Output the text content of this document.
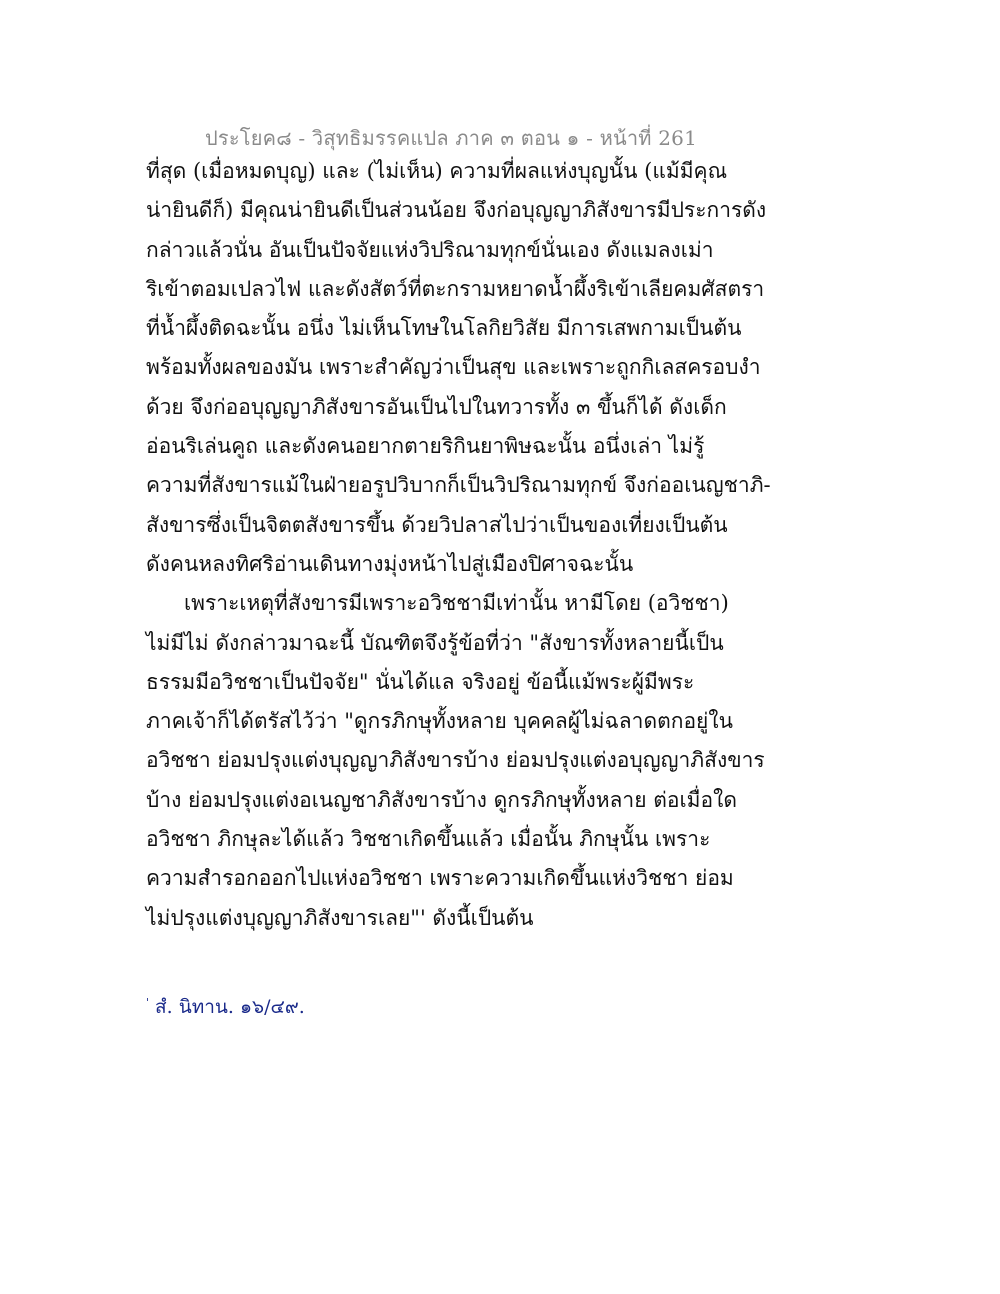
ประโยค๘ - วิสุทธิมรรคแปล ภาค ๓ ตอน ๑ - หน้าที่ 261
ที่สุด (เมื่อหมดบุญ) และ (ไม่เห็น) ความที่ผลแห่งบุญนั้น (แม้มีคุณ
น่ายินดีก็) มีคุณน่ายินดีเป็นส่วนน้อย จึงก่อบุญญาภิสังขารมีประการดัง
กล่าวแล้วนั่น อันเป็นปัจจัยแห่งวิปริณามทุกข์นั่นเอง ดังแมลงเม่า
ริเข้าตอมเปลวไฟ และดังสัตว์ที่ตะกรามหยาดน้ำผึ้งริเข้าเลียคมศัสตรา
ที่น้ำผึ้งติดฉะนั้น อนึ่ง ไม่เห็นโทษในโลกิยวิสัย มีการเสพกามเป็นต้น
พร้อมทั้งผลของมัน เพราะสำคัญว่าเป็นสุข และเพราะถูกกิเลสครอบงำ
ด้วย จึงก่ออบุญญาภิสังขารอันเป็นไปในทวารทั้ง ๓ ขึ้นก็ได้ ดังเด็ก
อ่อนริเล่นคูถ และดังคนอยากตายริกินยาพิษฉะนั้น อนึ่งเล่า ไม่รู้
ความที่สังขารแม้ในฝ่ายอรูปวิบากก็เป็นวิปริณามทุกข์ จึงก่ออเนญชาภิ-
สังขารซึ่งเป็นจิตตสังขารขึ้น ด้วยวิปลาสไปว่าเป็นของเที่ยงเป็นต้น
ดังคนหลงทิศริอ่านเดินทางมุ่งหน้าไปสู่เมืองปิศาจฉะนั้น
เพราะเหตุที่สังขารมีเพราะอวิชชามีเท่านั้น หามีโดย (อวิชชา)
ไม่มีไม่ ดังกล่าวมาฉะนี้ บัณฑิตจึงรู้ข้อที่ว่า "สังขารทั้งหลายนี้เป็น
ธรรมมีอวิชชาเป็นปัจจัย" นั่นได้แล จริงอยู่ ข้อนี้แม้พระผู้มีพระ
ภาคเจ้าก็ได้ตรัสไว้ว่า "ดูกรภิกษุทั้งหลาย บุคคลผู้ไม่ฉลาดตกอยู่ใน
อวิชชา ย่อมปรุงแต่งบุญญาภิสังขารบ้าง ย่อมปรุงแต่งอบุญญาภิสังขาร
บ้าง ย่อมปรุงแต่งอเนญชาภิสังขารบ้าง ดูกรภิกษุทั้งหลาย ต่อเมื่อใด
อวิชชา ภิกษุละได้แล้ว วิชชาเกิดขึ้นแล้ว เมื่อนั้น ภิกษุนั้น เพราะ
ความสำรอกออกไปแห่งอวิชชา เพราะความเกิดขึ้นแห่งวิชชา ย่อม
ไม่ปรุงแต่งบุญญาภิสังขารเลย"' ดังนี้เป็นต้น
' สํ. นิทาน. ๑๖/๔๙.
